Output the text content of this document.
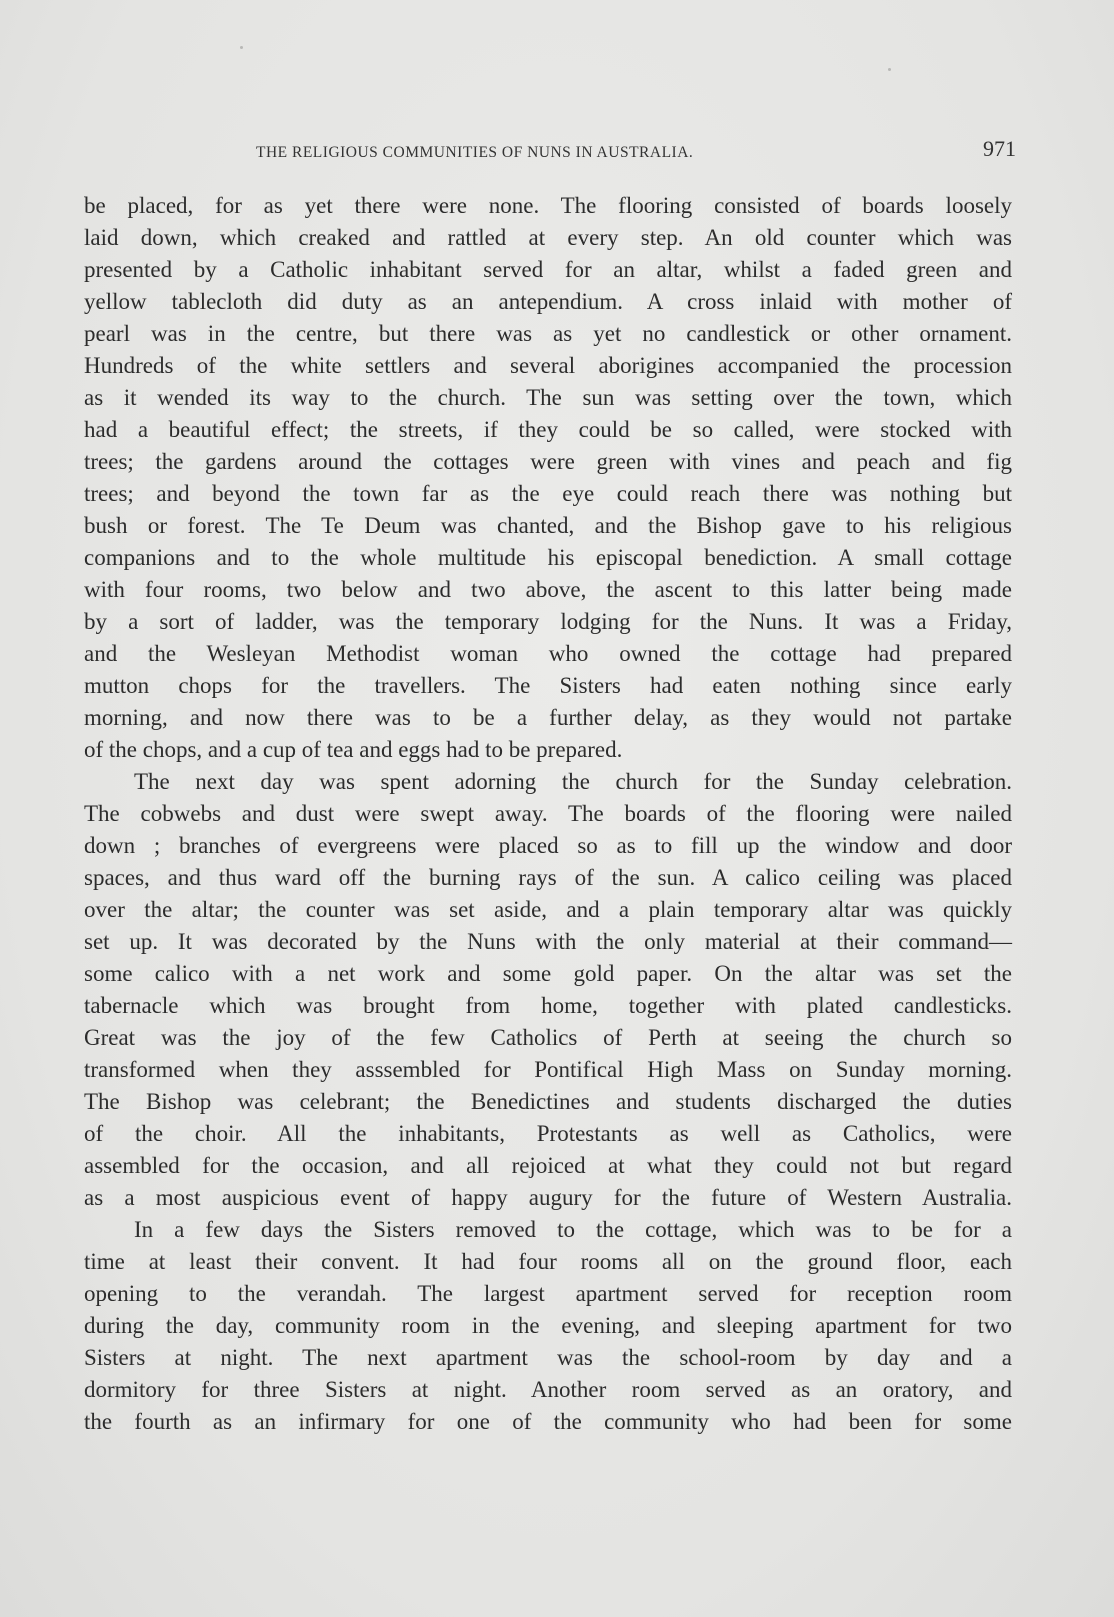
THE RELIGIOUS COMMUNITIES OF NUNS IN AUSTRALIA.	971
be placed, for as yet there were none. The flooring consisted of boards loosely
laid down, which creaked and rattled at every step. An old counter which was
presented by a Catholic inhabitant served for an altar, whilst a faded green and
yellow tablecloth did duty as an antependium. A cross inlaid with mother of
pearl was in the centre, but there was as yet no candlestick or other ornament.
Hundreds of the white settlers and several aborigines accompanied the procession
as it wended its way to the church. The sun was setting over the town, which
had a beautiful effect; the streets, if they could be so called, were stocked with
trees; the gardens around the cottages were green with vines and peach and fig
trees; and beyond the town far as the eye could reach there was nothing but
bush or forest. The Te Deum was chanted, and the Bishop gave to his religious
companions and to the whole multitude his episcopal benediction. A small cottage
with four rooms, two below and two above, the ascent to this latter being made
by a sort of ladder, was the temporary lodging for the Nuns. It was a Friday,
and the Wesleyan Methodist woman who owned the cottage had prepared
mutton chops for the travellers. The Sisters had eaten nothing since early
morning, and now there was to be a further delay, as they would not partake
of the chops, and a cup of tea and eggs had to be prepared.
The next day was spent adorning the church for the Sunday celebration.
The cobwebs and dust were swept away. The boards of the flooring were nailed
down ; branches of evergreens were placed so as to fill up the window and door
spaces, and thus ward off the burning rays of the sun. A calico ceiling was placed
over the altar; the counter was set aside, and a plain temporary altar was quickly
set up. It was decorated by the Nuns with the only material at their command—
some calico with a net work and some gold paper. On the altar was set the
tabernacle which was brought from home, together with plated candlesticks.
Great was the joy of the few Catholics of Perth at seeing the church so
transformed when they asssembled for Pontifical High Mass on Sunday morning.
The Bishop was celebrant; the Benedictines and students discharged the duties
of the choir. All the inhabitants, Protestants as well as Catholics, were
assembled for the occasion, and all rejoiced at what they could not but regard
as a most auspicious event of happy augury for the future of Western Australia.
In a few days the Sisters removed to the cottage, which was to be for a
time at least their convent. It had four rooms all on the ground floor, each
opening to the verandah. The largest apartment served for reception room
during the day, community room in the evening, and sleeping apartment for two
Sisters at night. The next apartment was the school-room by day and a
dormitory for three Sisters at night. Another room served as an oratory, and
the fourth as an infirmary for one of the community who had been for some
